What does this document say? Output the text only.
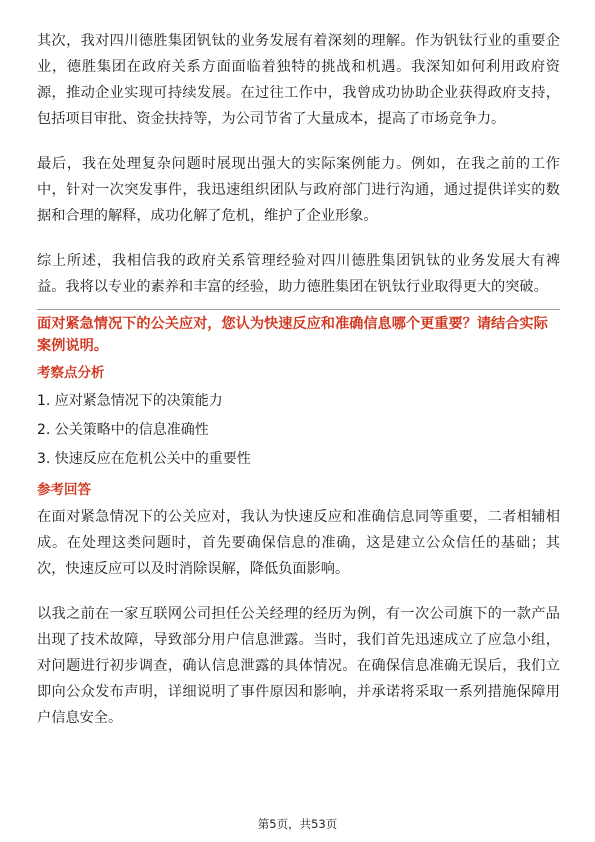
其次，我对四川德胜集团钒钛的业务发展有着深刻的理解。作为钒钛行业的重要企业，德胜集团在政府关系方面面临着独特的挑战和机遇。我深知如何利用政府资源，推动企业实现可持续发展。在过往工作中，我曾成功协助企业获得政府支持，包括项目审批、资金扶持等，为公司节省了大量成本，提高了市场竞争力。

最后，我在处理复杂问题时展现出强大的实际案例能力。例如，在我之前的工作中，针对一次突发事件，我迅速组织团队与政府部门进行沟通，通过提供详实的数据和合理的解释，成功化解了危机，维护了企业形象。

综上所述，我相信我的政府关系管理经验对四川德胜集团钒钛的业务发展大有裨益。我将以专业的素养和丰富的经验，助力德胜集团在钒钛行业取得更大的突破。

面对紧急情况下的公关应对，您认为快速反应和准确信息哪个更重要？请结合实际案例说明。

考察点分析

1. 应对紧急情况下的决策能力

2. 公关策略中的信息准确性

3. 快速反应在危机公关中的重要性

参考回答

在面对紧急情况下的公关应对，我认为快速反应和准确信息同等重要，二者相辅相成。在处理这类问题时，首先要确保信息的准确，这是建立公众信任的基础；其次，快速反应可以及时消除误解，降低负面影响。

以我之前在一家互联网公司担任公关经理的经历为例，有一次公司旗下的一款产品出现了技术故障，导致部分用户信息泄露。当时，我们首先迅速成立了应急小组，对问题进行初步调查，确认信息泄露的具体情况。在确保信息准确无误后，我们立即向公众发布声明，详细说明了事件原因和影响，并承诺将采取一系列措施保障用户信息安全。

第5页，共53页
